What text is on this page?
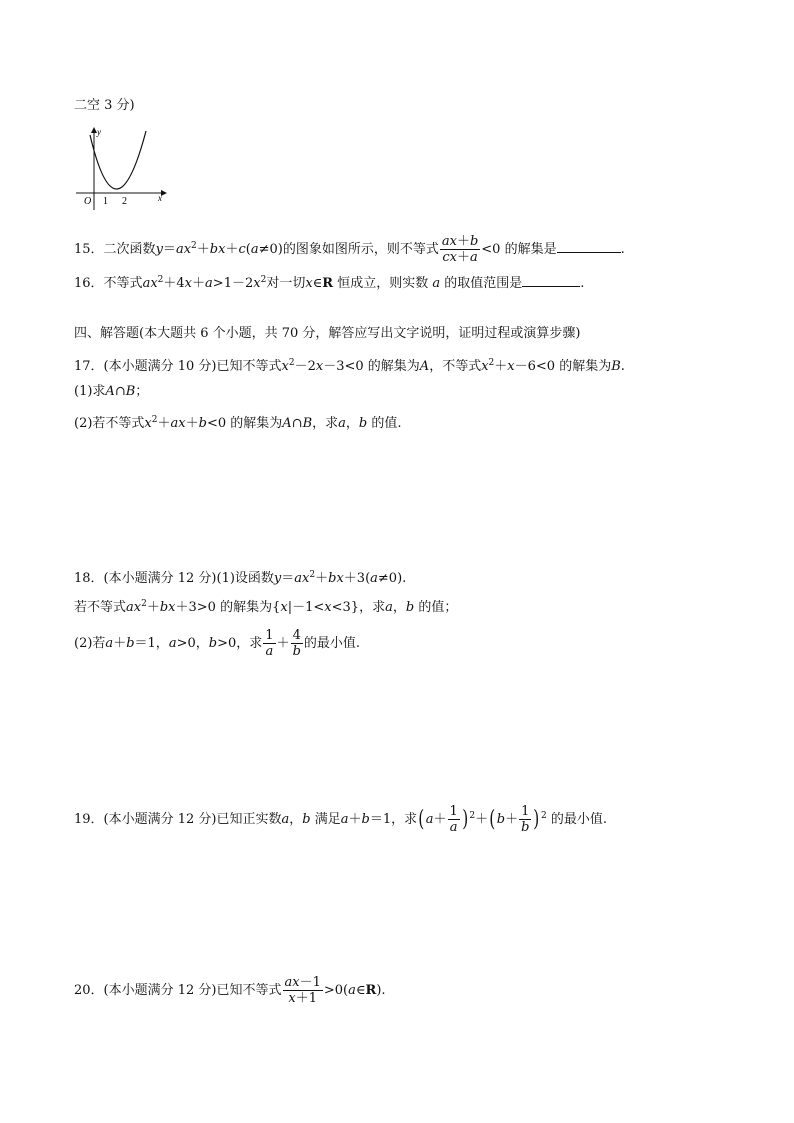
二空 3 分)
y
x
O 1 2
15．二次函数$y=ax^2+bx+c(a\ne 0)$的图象如图所示，则不等式 $\frac{ax+b}{cx+a} <0$ 的解集是	.
16．不等式$ax^2+4x+a>1-2x^2$对一切x∈R 恒成立，则实数 a 的取值范围是	.
四、解答题(本大题共 6 个小题，共 70 分，解答应写出文字说明，证明过程或演算步骤)
17．(本小题满分 10 分)已知不等式$x^2-2x-3<0$ 的解集为A，不等式$x^2+x-6<0$ 的解集为B.
(1)求A∩B；
(2)若不等式$x^2+ax+b<0$ 的解集为A∩B，求a，b 的值.
18．(本小题满分 12 分)(1)设函数$y=ax^2+bx+3(a\ne 0)$.
若不等式$ax^2+bx+3>0$ 的解集为{x|－1<x<3}，求a，b 的值；
(2)若a＋b＝1，a>0，b>0，求 $\frac{1}{a} + \frac{4}{b}$ 的最小值.
19．(本小题满分 12 分)已知正实数a，b 满足a＋b＝1，求$(a+ \frac{1}{a} )^2+(b+ \frac{1}{b} )^2$ 的最小值.
20．(本小题满分 12 分)已知不等式 $\frac{ax-1}{x+1}$ >0(a∈R).
